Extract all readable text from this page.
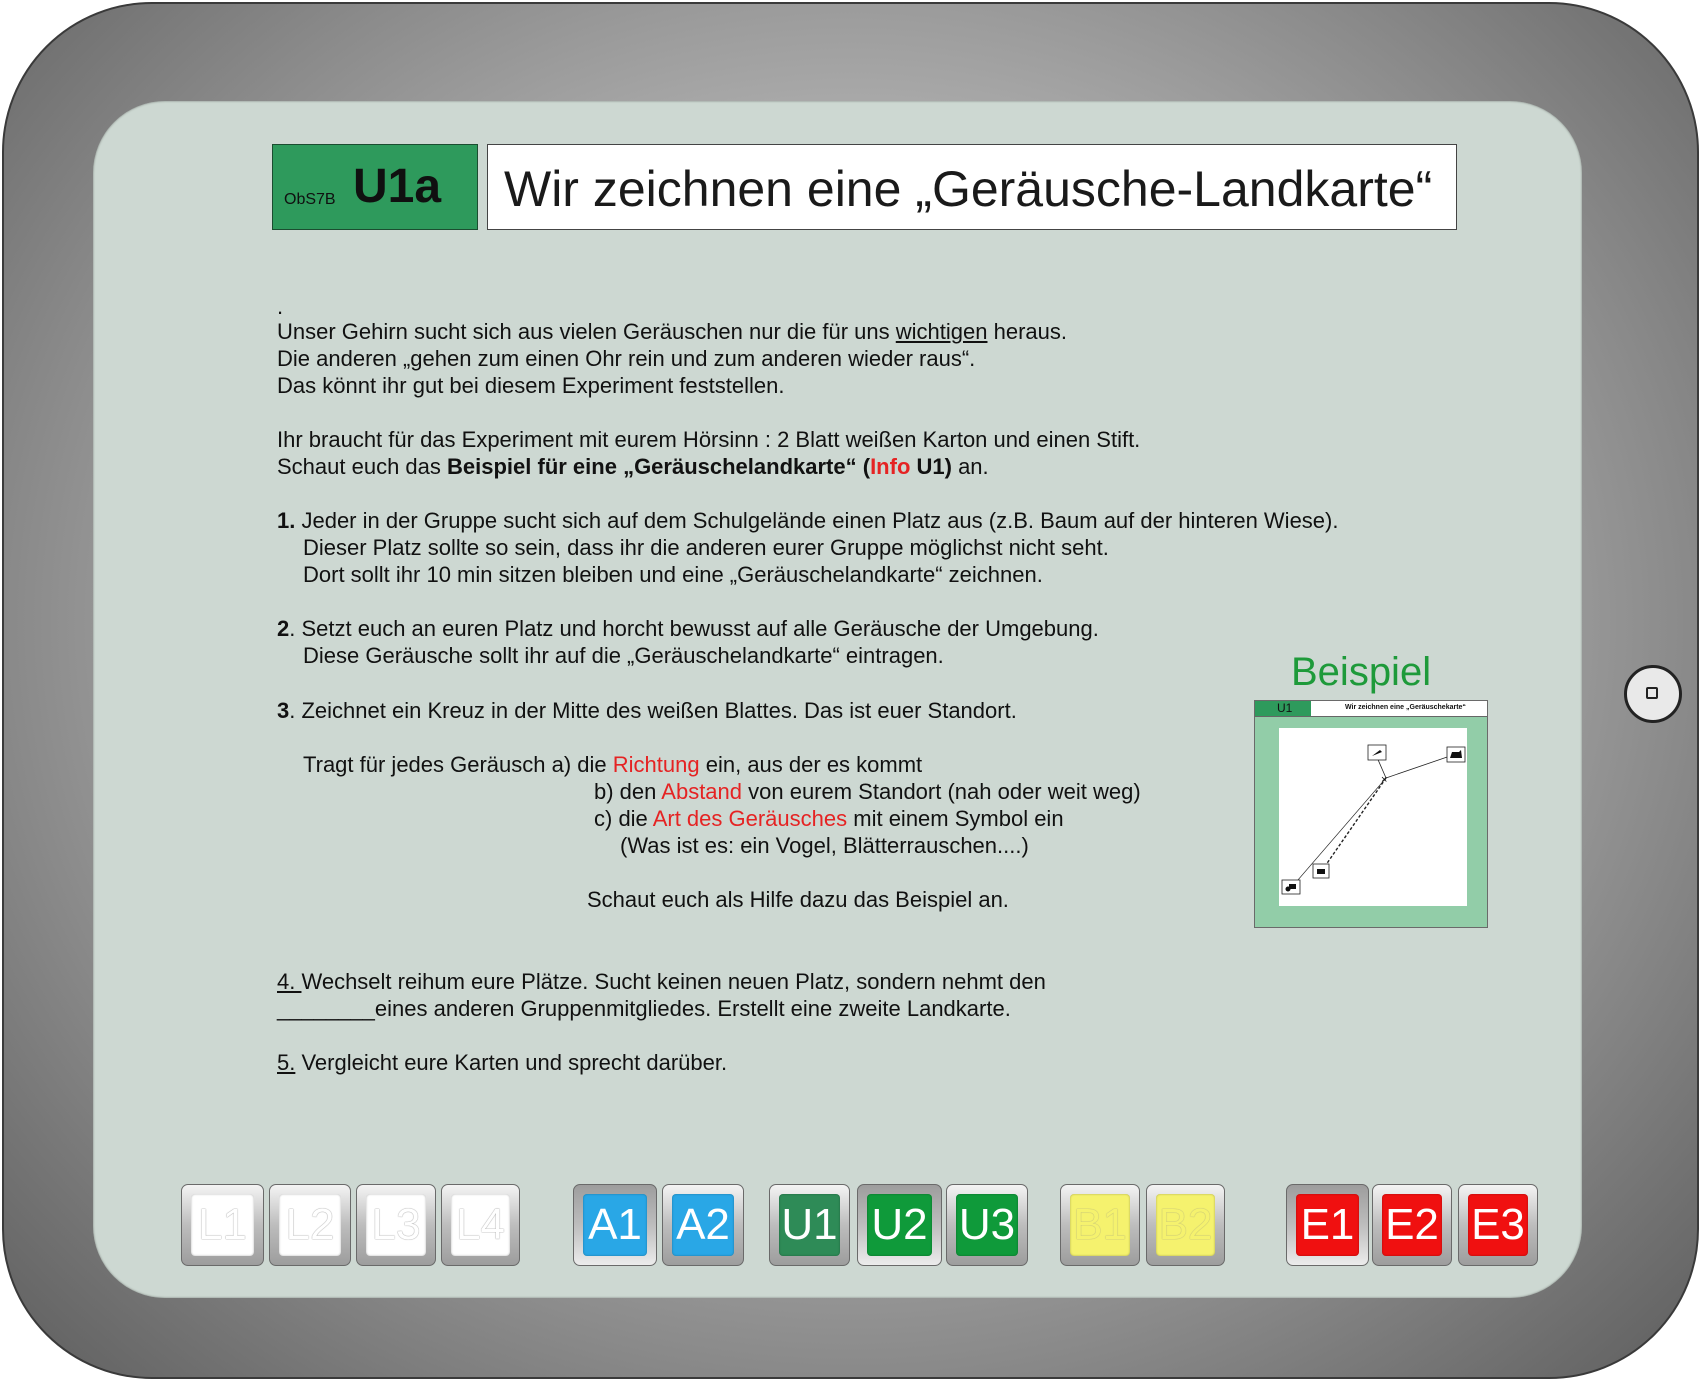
ObS7B U1a Wir zeichnen eine „Geräusche-Landkarte“
.
Unser Gehirn sucht sich aus vielen Geräuschen nur die für uns wichtigen heraus.
Die anderen „gehen zum einen Ohr rein und zum anderen wieder raus“.
Das könnt ihr gut bei diesem Experiment feststellen.
Ihr braucht für das Experiment mit eurem Hörsinn : 2 Blatt weißen Karton und einen Stift.
Schaut euch das Beispiel für eine „Geräuschelandkarte“ (Info U1) an.
1. Jeder in der Gruppe sucht sich auf dem Schulgelände einen Platz aus (z.B. Baum auf der hinteren Wiese).
Dieser Platz sollte so sein, dass ihr die anderen eurer Gruppe möglichst nicht seht.
Dort sollt ihr 10 min sitzen bleiben und eine „Geräuschelandkarte“ zeichnen.
2. Setzt euch an euren Platz und horcht bewusst auf alle Geräusche der Umgebung.
Diese Geräusche sollt ihr auf die „Geräuschelandkarte“ eintragen.
3. Zeichnet ein Kreuz in der Mitte des weißen Blattes. Das ist euer Standort.
Tragt für jedes Geräusch a) die Richtung ein, aus der es kommt
b) den Abstand von eurem Standort (nah oder weit weg)
c) die Art des Geräusches mit einem Symbol ein
(Was ist es: ein Vogel, Blätterrauschen....)
Schaut euch als Hilfe dazu das Beispiel an.
4. Wechselt reihum eure Plätze. Sucht keinen neuen Platz, sondern nehmt den
________eines anderen Gruppenmitgliedes. Erstellt eine zweite Landkarte.
5. Vergleicht eure Karten und sprecht darüber.
Beispiel
U1	Wir zeichnen eine „Geräuschekarte“
×
L1 L2 L3 L4 A1 A2 U1 U2 U3 B1 B2 E1 E2 E3
